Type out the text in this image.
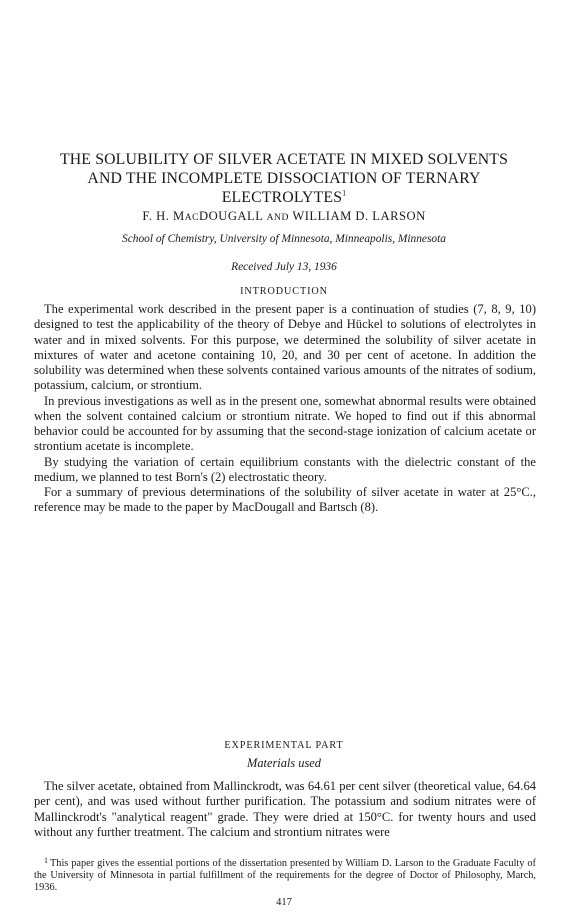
THE SOLUBILITY OF SILVER ACETATE IN MIXED SOLVENTS
AND THE INCOMPLETE DISSOCIATION OF TERNARY
ELECTROLYTES$^1$
F. H. MACDOUGALL AND WILLIAM D. LARSON
School of Chemistry, University of Minnesota, Minneapolis, Minnesota
Received July 13, 1936
INTRODUCTION

The experimental work described in the present paper is a continuation of studies (7, 8, 9, 10) designed to test the applicability of the theory of Debye and Hückel to solutions of electrolytes in water and in mixed solvents. For this purpose, we determined the solubility of silver acetate in mixtures of water and acetone containing 10, 20, and 30 per cent of acetone. In addition the solubility was determined when these solvents contained various amounts of the nitrates of sodium, potassium, calcium, or strontium.

In previous investigations as well as in the present one, somewhat abnormal results were obtained when the solvent contained calcium or strontium nitrate. We hoped to find out if this abnormal behavior could be accounted for by assuming that the second-stage ionization of calcium acetate or strontium acetate is incomplete.

By studying the variation of certain equilibrium constants with the dielectric constant of the medium, we planned to test Born's (2) electrostatic theory.

For a summary of previous determinations of the solubility of silver acetate in water at 25°C., reference may be made to the paper by MacDougall and Bartsch (8).

EXPERIMENTAL PART
Materials used

The silver acetate, obtained from Mallinckrodt, was 64.61 per cent silver (theoretical value, 64.64 per cent), and was used without further purification. The potassium and sodium nitrates were of Mallinckrodt's "analytical reagent" grade. They were dried at 150°C. for twenty hours and used without any further treatment. The calcium and strontium nitrates were

$^1$ This paper gives the essential portions of the dissertation presented by William D. Larson to the Graduate Faculty of the University of Minnesota in partial fulfillment of the requirements for the degree of Doctor of Philosophy, March, 1936.

417
